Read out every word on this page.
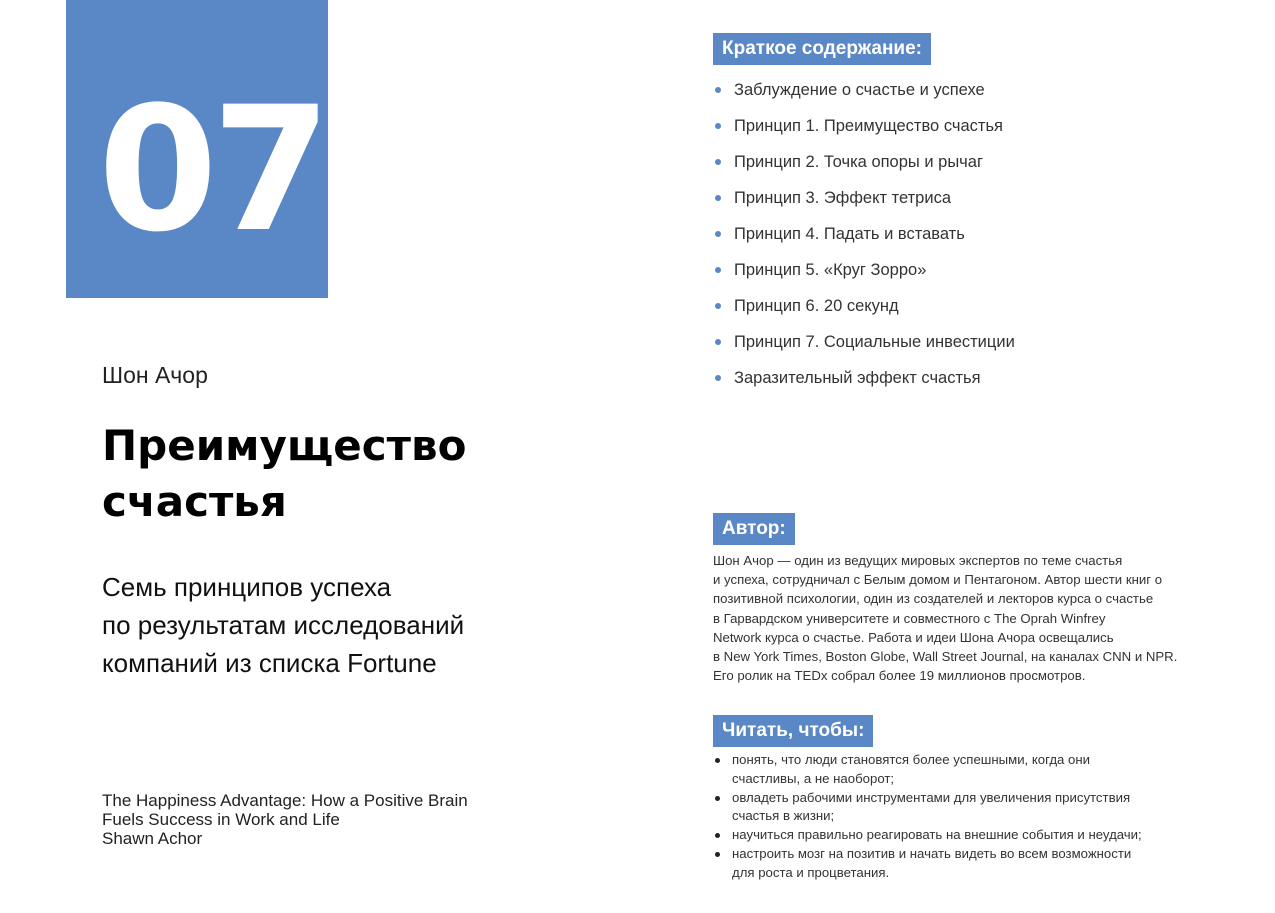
07
Шон Ачор
Преимущество
счастья
Семь принципов успеха
по результатам исследований
компаний из списка Fortune
The Happiness Advantage: How a Positive Brain
Fuels Success in Work and Life
Shawn Achor
Краткое содержание:
Заблуждение о счастье и успехе
Принцип 1. Преимущество счастья
Принцип 2. Точка опоры и рычаг
Принцип 3. Эффект тетриса
Принцип 4. Падать и вставать
Принцип 5. «Круг Зорро»
Принцип 6. 20 секунд
Принцип 7. Социальные инвестиции
Заразительный эффект счастья
Автор:
Шон Ачор — один из ведущих мировых экспертов по теме счастья
и успеха, сотрудничал с Белым домом и Пентагоном. Автор шести книг о
позитивной психологии, один из создателей и лекторов курса о счастье
в Гарвардском университете и совместного с The Oprah Winfrey
Network курса о счастье. Работа и идеи Шона Ачора освещались
в New York Times, Boston Globe, Wall Street Journal, на каналах CNN и NPR.
Его ролик на TEDx собрал более 19 миллионов просмотров.
Читать, чтобы:
понять, что люди становятся более успешными, когда они
счастливы, а не наоборот;
овладеть рабочими инструментами для увеличения присутствия
счастья в жизни;
научиться правильно реагировать на внешние события и неудачи;
настроить мозг на позитив и начать видеть во всем возможности
для роста и процветания.
